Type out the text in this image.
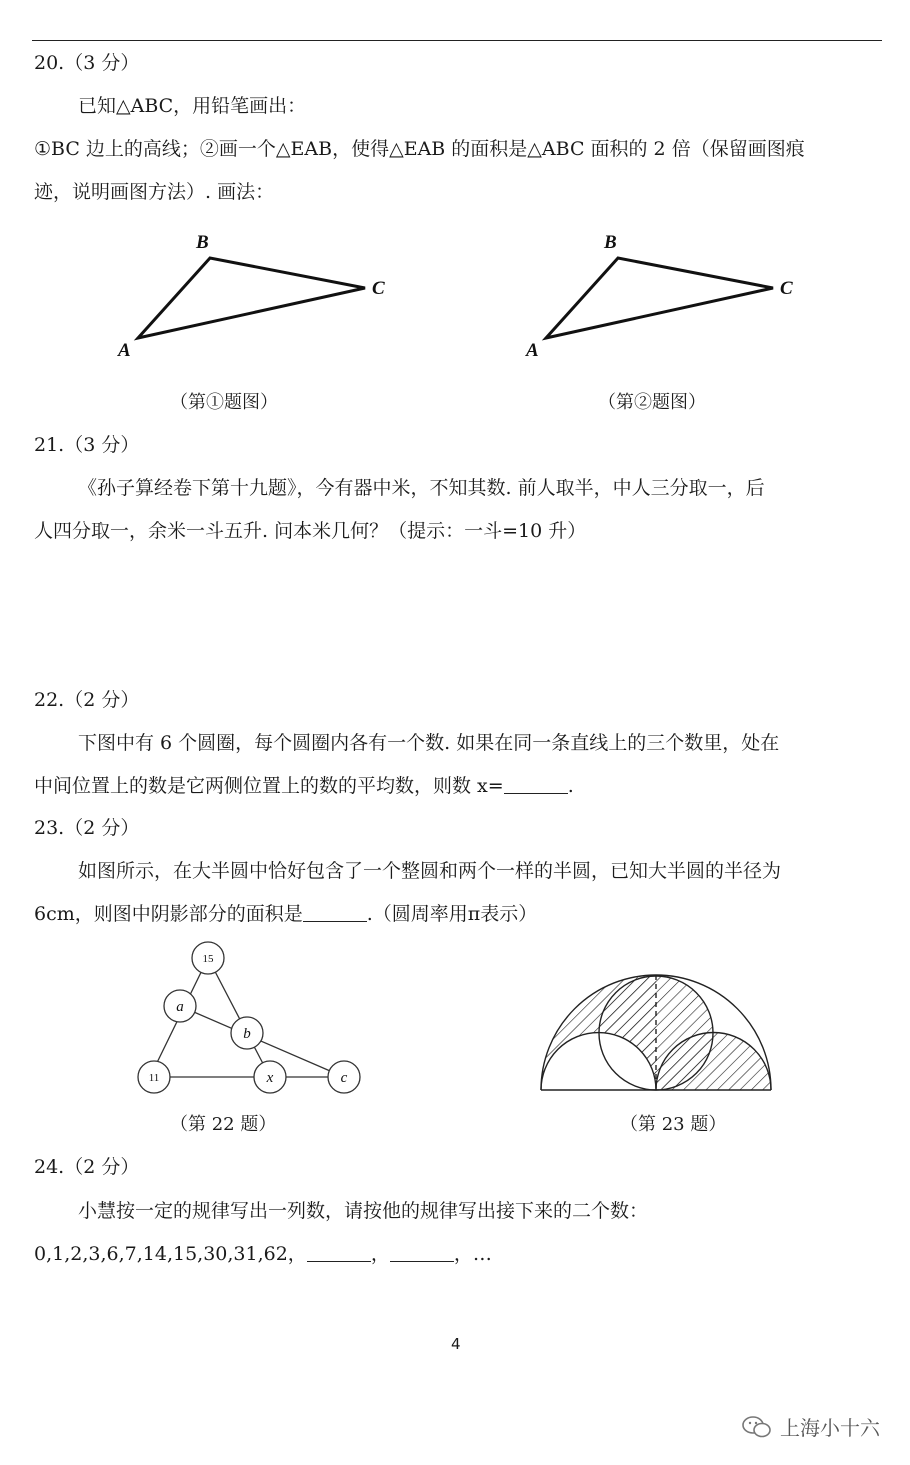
20.（3 分）
已知△ABC，用铅笔画出：
①BC 边上的高线；②画一个△EAB，使得△EAB 的面积是△ABC 面积的 2 倍（保留画图痕
迹，说明画图方法）. 画法：
B
C
A
（第①题图）
B
C
A
（第②题图）
21.（3 分）
《孙子算经卷下第十九题》，今有器中米，不知其数. 前人取半，中人三分取一，后
人四分取一，余米一斗五升. 问本米几何？（提示：一斗=10 升）
22.（2 分）
下图中有 6 个圆圈，每个圆圈内各有一个数. 如果在同一条直线上的三个数里，处在
中间位置上的数是它两侧位置上的数的平均数，则数 x=	.
23.（2 分）
如图所示，在大半圆中恰好包含了一个整圆和两个一样的半圆，已知大半圆的半径为
6cm，则图中阴影部分的面积是	.（圆周率用π表示）
15
a
b
11	x	c
（第 22 题）	（第 23 题）
24.（2 分）
小慧按一定的规律写出一列数，请按他的规律写出接下来的二个数：
0,1,2,3,6,7,14,15,30,31,62，	，	，…
4
上海小十六
